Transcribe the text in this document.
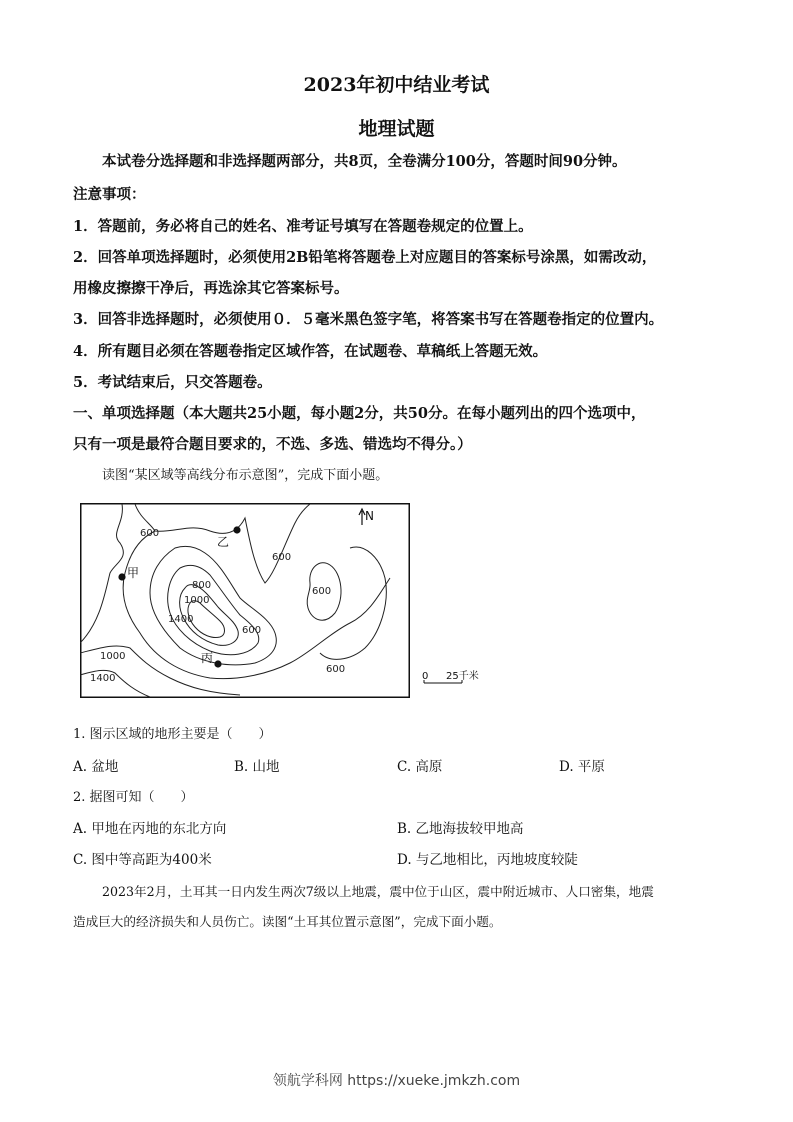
2023年初中结业考试
地理试题
本试卷分选择题和非选择题两部分，共8页，全卷满分100分，答题时间90分钟。
注意事项：
1．答题前，务必将自己的姓名、准考证号填写在答题卷规定的位置上。
2．回答单项选择题时，必须使用2B铅笔将答题卷上对应题目的答案标号涂黑，如需改动，
用橡皮擦擦干净后，再选涂其它答案标号。
3．回答非选择题时，必须使用０．５毫米黑色签字笔，将答案书写在答题卷指定的位置内。
4．所有题目必须在答题卷指定区域作答，在试题卷、草稿纸上答题无效。
5．考试结束后，只交答题卷。
一、单项选择题（本大题共25小题，每小题2分，共50分。在每小题列出的四个选项中，
只有一项是最符合题目要求的，不选、多选、错选均不得分。）
读图“某区域等高线分布示意图”，完成下面小题。
600
600
600
800
1000
1400
600
1000
1400
600
乙
甲
丙
N
0 25千米
1. 图示区域的地形主要是（　　）
A. 盆地	B. 山地	C. 高原	D. 平原
2. 据图可知（　　）
A. 甲地在丙地的东北方向	B. 乙地海拔较甲地高
C. 图中等高距为400米	D. 与乙地相比，丙地坡度较陡
2023年2月，土耳其一日内发生两次7级以上地震，震中位于山区，震中附近城市、人口密集，地震
造成巨大的经济损失和人员伤亡。读图“土耳其位置示意图”，完成下面小题。
领航学科网 https://xueke.jmkzh.com
